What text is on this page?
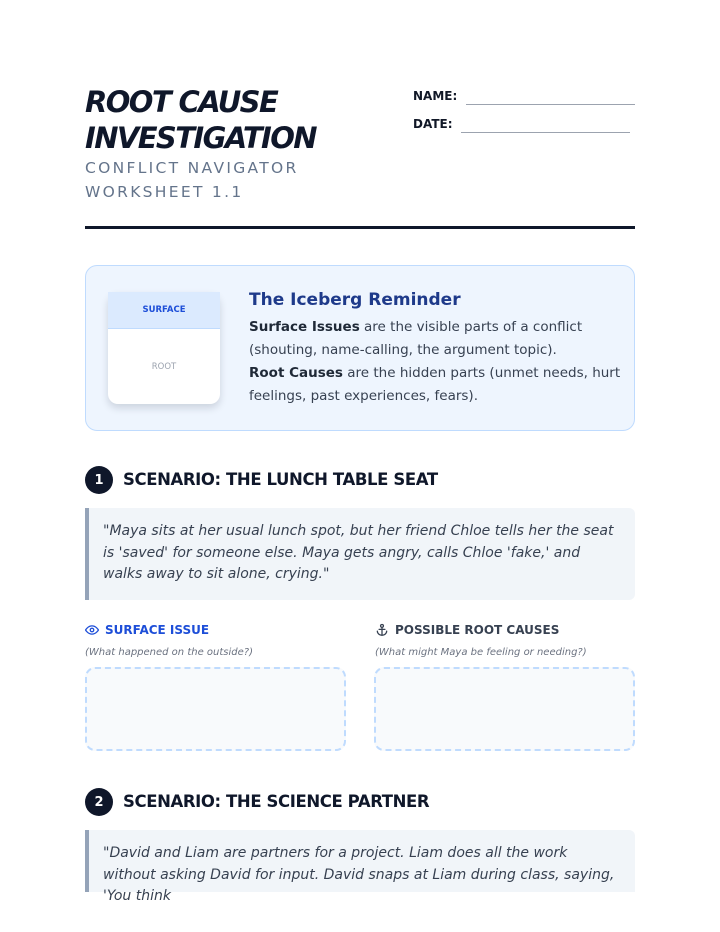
ROOT CAUSE
INVESTIGATION
CONFLICT NAVIGATOR WORKSHEET 1.1
NAME:
DATE:
SURFACE
ROOT
The Iceberg Reminder
Surface Issues are the visible parts of a conflict (shouting, name-calling, the argument topic).
Root Causes are the hidden parts (unmet needs, hurt feelings, past experiences, fears).
1	SCENARIO: THE LUNCH TABLE SEAT
"Maya sits at her usual lunch spot, but her friend Chloe tells her the seat is 'saved' for someone else. Maya gets angry, calls Chloe 'fake,' and walks away to sit alone, crying."
SURFACE ISSUE
(What happened on the outside?)
POSSIBLE ROOT CAUSES
(What might Maya be feeling or needing?)
2	SCENARIO: THE SCIENCE PARTNER
"David and Liam are partners for a project. Liam does all the work without asking David for input. David snaps at Liam during class, saying, 'You think
